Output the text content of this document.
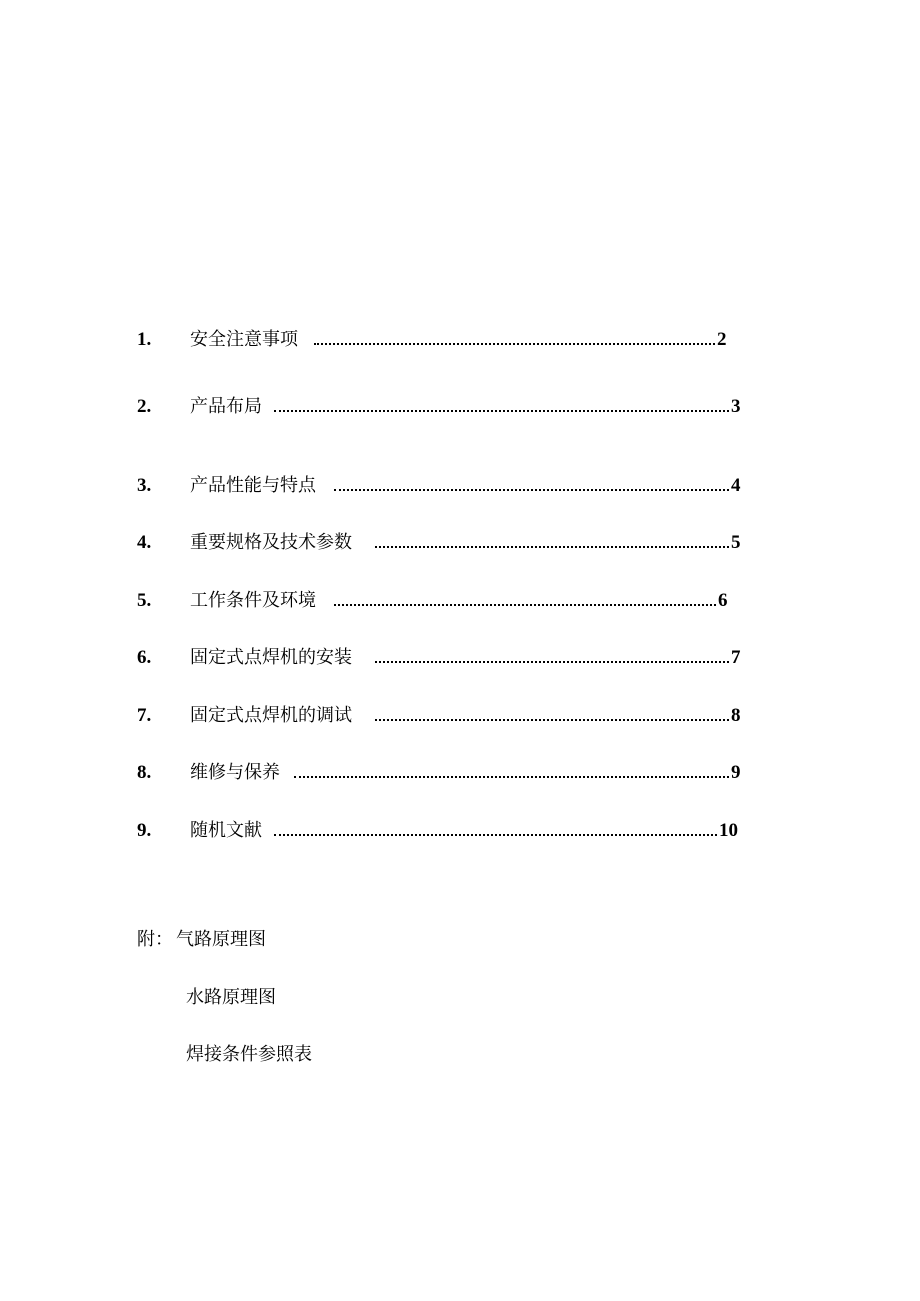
1. 安全注意事项	2
2. 产品布局	3
3. 产品性能与特点	4
4. 重要规格及技术参数	5
5. 工作条件及环境	6
6. 固定式点焊机的安装	7
7. 固定式点焊机的调试	8
8. 维修与保养	9
9. 随机文献	10
附： 气路原理图
水路原理图
焊接条件参照表
